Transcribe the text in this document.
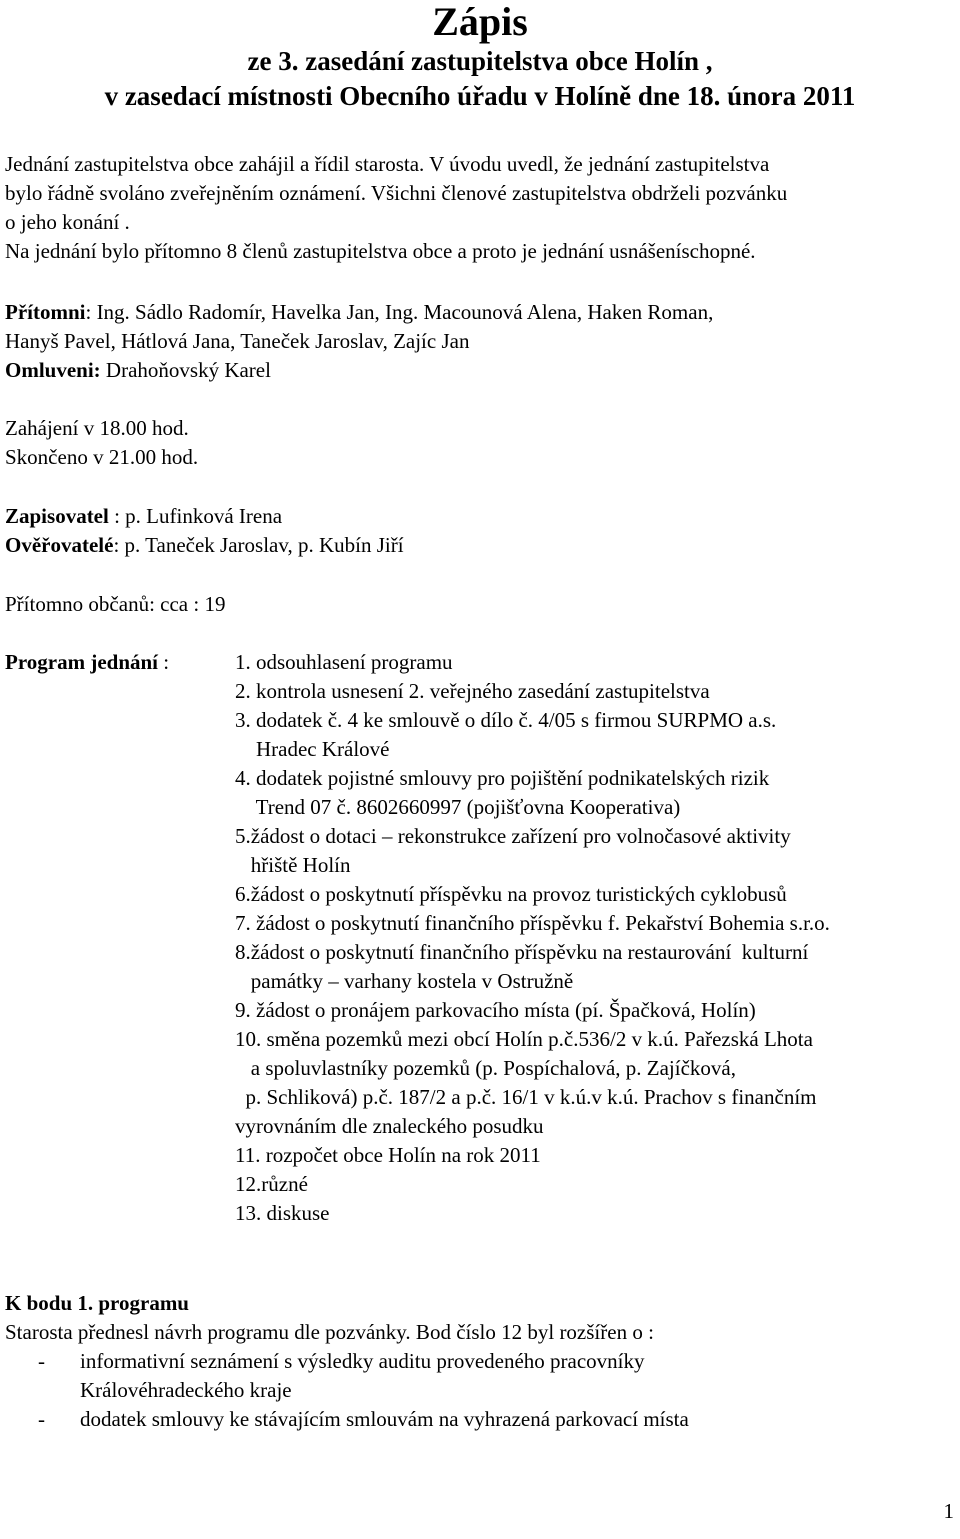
Zápis
ze 3. zasedání zastupitelstva obce Holín ,
v zasedací místnosti Obecního úřadu v Holíně dne 18. února 2011

Jednání zastupitelstva obce zahájil a řídil starosta. V úvodu uvedl, že jednání zastupitelstva

bylo řádně svoláno zveřejněním oznámení. Všichni členové zastupitelstva obdrželi pozvánku

o jeho konání .

Na jednání bylo přítomno 8 členů zastupitelstva obce a proto je jednání usnášeníschopné.

Přítomni: Ing. Sádlo Radomír, Havelka Jan, Ing. Macounová Alena, Haken Roman,

Hanyš Pavel, Hátlová Jana, Taneček Jaroslav, Zajíc Jan

Omluveni: Drahoňovský Karel

Zahájení v 18.00 hod.

Skončeno v 21.00 hod.

Zapisovatel : p. Lufinková Irena

Ověřovatelé: p. Taneček Jaroslav, p. Kubín Jiří

Přítomno občanů: cca : 19

Program jednání :	1. odsouhlasení programu
2. kontrola usnesení 2. veřejného zasedání zastupitelstva
3. dodatek č. 4 ke smlouvě o dílo č. 4/05 s firmou SURPMO a.s.
Hradec Králové
4. dodatek pojistné smlouvy pro pojištění podnikatelských rizik
Trend 07 č. 8602660997 (pojišťovna Kooperativa)
5.žádost o dotaci – rekonstrukce zařízení pro volnočasové aktivity
hřiště Holín
6.žádost o poskytnutí příspěvku na provoz turistických cyklobusů
7. žádost o poskytnutí finančního příspěvku f. Pekařství Bohemia s.r.o.
8.žádost o poskytnutí finančního příspěvku na restaurování  kulturní
památky – varhany kostela v Ostružně
9. žádost o pronájem parkovacího místa (pí. Špačková, Holín)
10. směna pozemků mezi obcí Holín p.č.536/2 v k.ú. Pařezská Lhota
a spoluvlastníky pozemků (p. Pospíchalová, p. Zajíčková,
p. Schliková) p.č. 187/2 a p.č. 16/1 v k.ú.v k.ú. Prachov s finančním
vyrovnáním dle znaleckého posudku
11. rozpočet obce Holín na rok 2011
12.různé
13. diskuse

K bodu 1. programu

Starosta přednesl návrh programu dle pozvánky. Bod číslo 12 byl rozšířen o :

-	informativní seznámení s výsledky auditu provedeného pracovníky
Královéhradeckého kraje
-	dodatek smlouvy ke stávajícím smlouvám na vyhrazená parkovací místa
1
